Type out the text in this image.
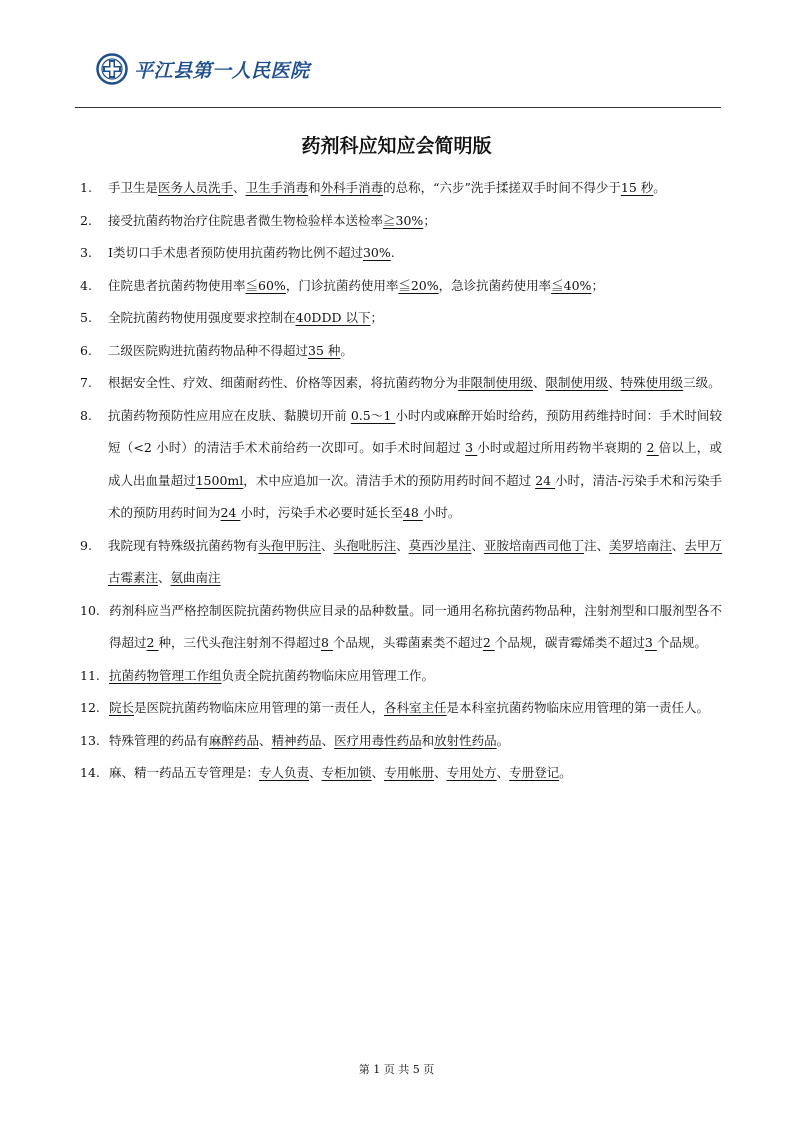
平江县第一人民医院
药剂科应知应会简明版
1.	手卫生是医务人员洗手、卫生手消毒和外科手消毒的总称，“六步”洗手揉搓双手时间不得少于15 秒。
2.	接受抗菌药物治疗住院患者微生物检验样本送检率≧30%；
3.	Ⅰ类切口手术患者预防使用抗菌药物比例不超过30%.
4.	住院患者抗菌药物使用率≦60%，门诊抗菌药使用率≦20%，急诊抗菌药使用率≦40%；
5.	全院抗菌药物使用强度要求控制在40DDD 以下；
6.	二级医院购进抗菌药物品种不得超过35 种。
7.	根据安全性、疗效、细菌耐药性、价格等因素，将抗菌药物分为非限制使用级、限制使用级、特殊使用级三级。
8.	抗菌药物预防性应用应在皮肤、黏膜切开前 0.5～1 小时内或麻醉开始时给药，预防用药维持时间：手术时间较短（<2 小时）的清洁手术术前给药一次即可。如手术时间超过 3 小时或超过所用药物半衰期的 2 倍以上，或成人出血量超过1500ml，术中应追加一次。清洁手术的预防用药时间不超过 24 小时，清洁-污染手术和污染手术的预防用药时间为24 小时，污染手术必要时延长至48 小时。
9.	我院现有特殊级抗菌药物有头孢甲肟注、头孢吡肟注、莫西沙星注、亚胺培南西司他丁注、美罗培南注、去甲万古霉素注、氨曲南注
10. 药剂科应当严格控制医院抗菌药物供应目录的品种数量。同一通用名称抗菌药物品种，注射剂型和口服剂型各不得超过2 种，三代头孢注射剂不得超过8 个品规，头霉菌素类不超过2 个品规，碳青霉烯类不超过3 个品规。
11. 抗菌药物管理工作组负责全院抗菌药物临床应用管理工作。
12. 院长是医院抗菌药物临床应用管理的第一责任人，各科室主任是本科室抗菌药物临床应用管理的第一责任人。
13. 特殊管理的药品有麻醉药品、精神药品、医疗用毒性药品和放射性药品。
14. 麻、精一药品五专管理是：专人负责、专柜加锁、专用帐册、专用处方、专册登记。
第 1 页 共 5 页
